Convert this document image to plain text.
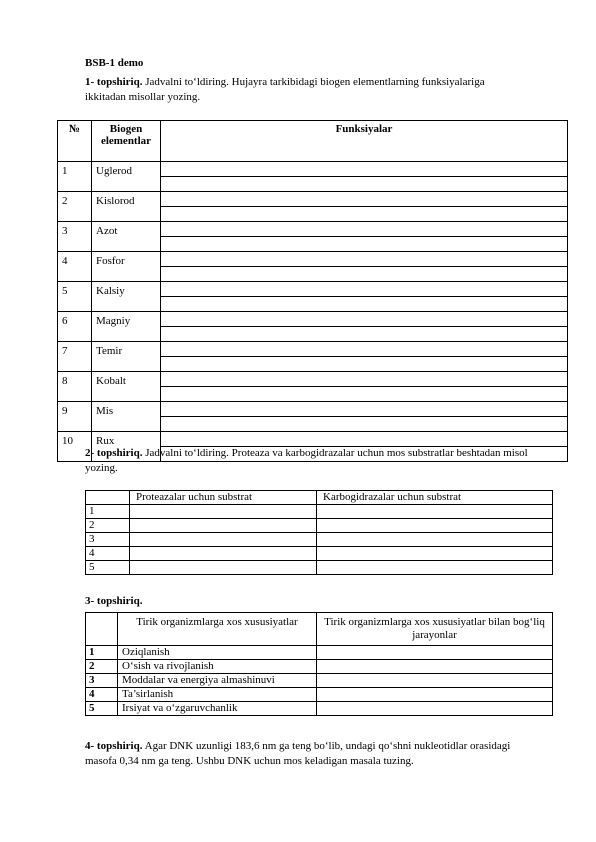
BSB-1 demo
1- topshiriq. Jadvalni to‘ldiring. Hujayra tarkibidagi biogen elementlarning funksiyalariga ikkitadan misollar yozing.
№	Biogen elementlar	Funksiyalar
1	Uglerod	

2	Kislorod	

3	Azot	

4	Fosfor	

5	Kalsiy	

6	Magniy	

7	Temir	

8	Kobalt	

9	Mis	

10	Rux	
2- topshiriq. Jadvalni to‘ldiring. Proteaza va karbogidrazalar uchun mos substratlar beshtadan misol yozing.
	Proteazalar uchun substrat	Karbogidrazalar uchun substrat
1		
2		
3		
4		
5		
3- topshiriq.
	Tirik organizmlarga xos xususiyatlar	Tirik organizmlarga xos xususiyatlar bilan bog‘liq jarayonlar
1	Oziqlanish	
2	O‘sish va rivojlanish	
3	Moddalar va energiya almashinuvi	
4	Ta’sirlanish	
5	Irsiyat va o‘zgaruvchanlik	
4- topshiriq. Agar DNK uzunligi 183,6 nm ga teng bo‘lib, undagi qo‘shni nukleotidlar orasidagi masofa 0,34 nm ga teng. Ushbu DNK uchun mos keladigan masala tuzing.
